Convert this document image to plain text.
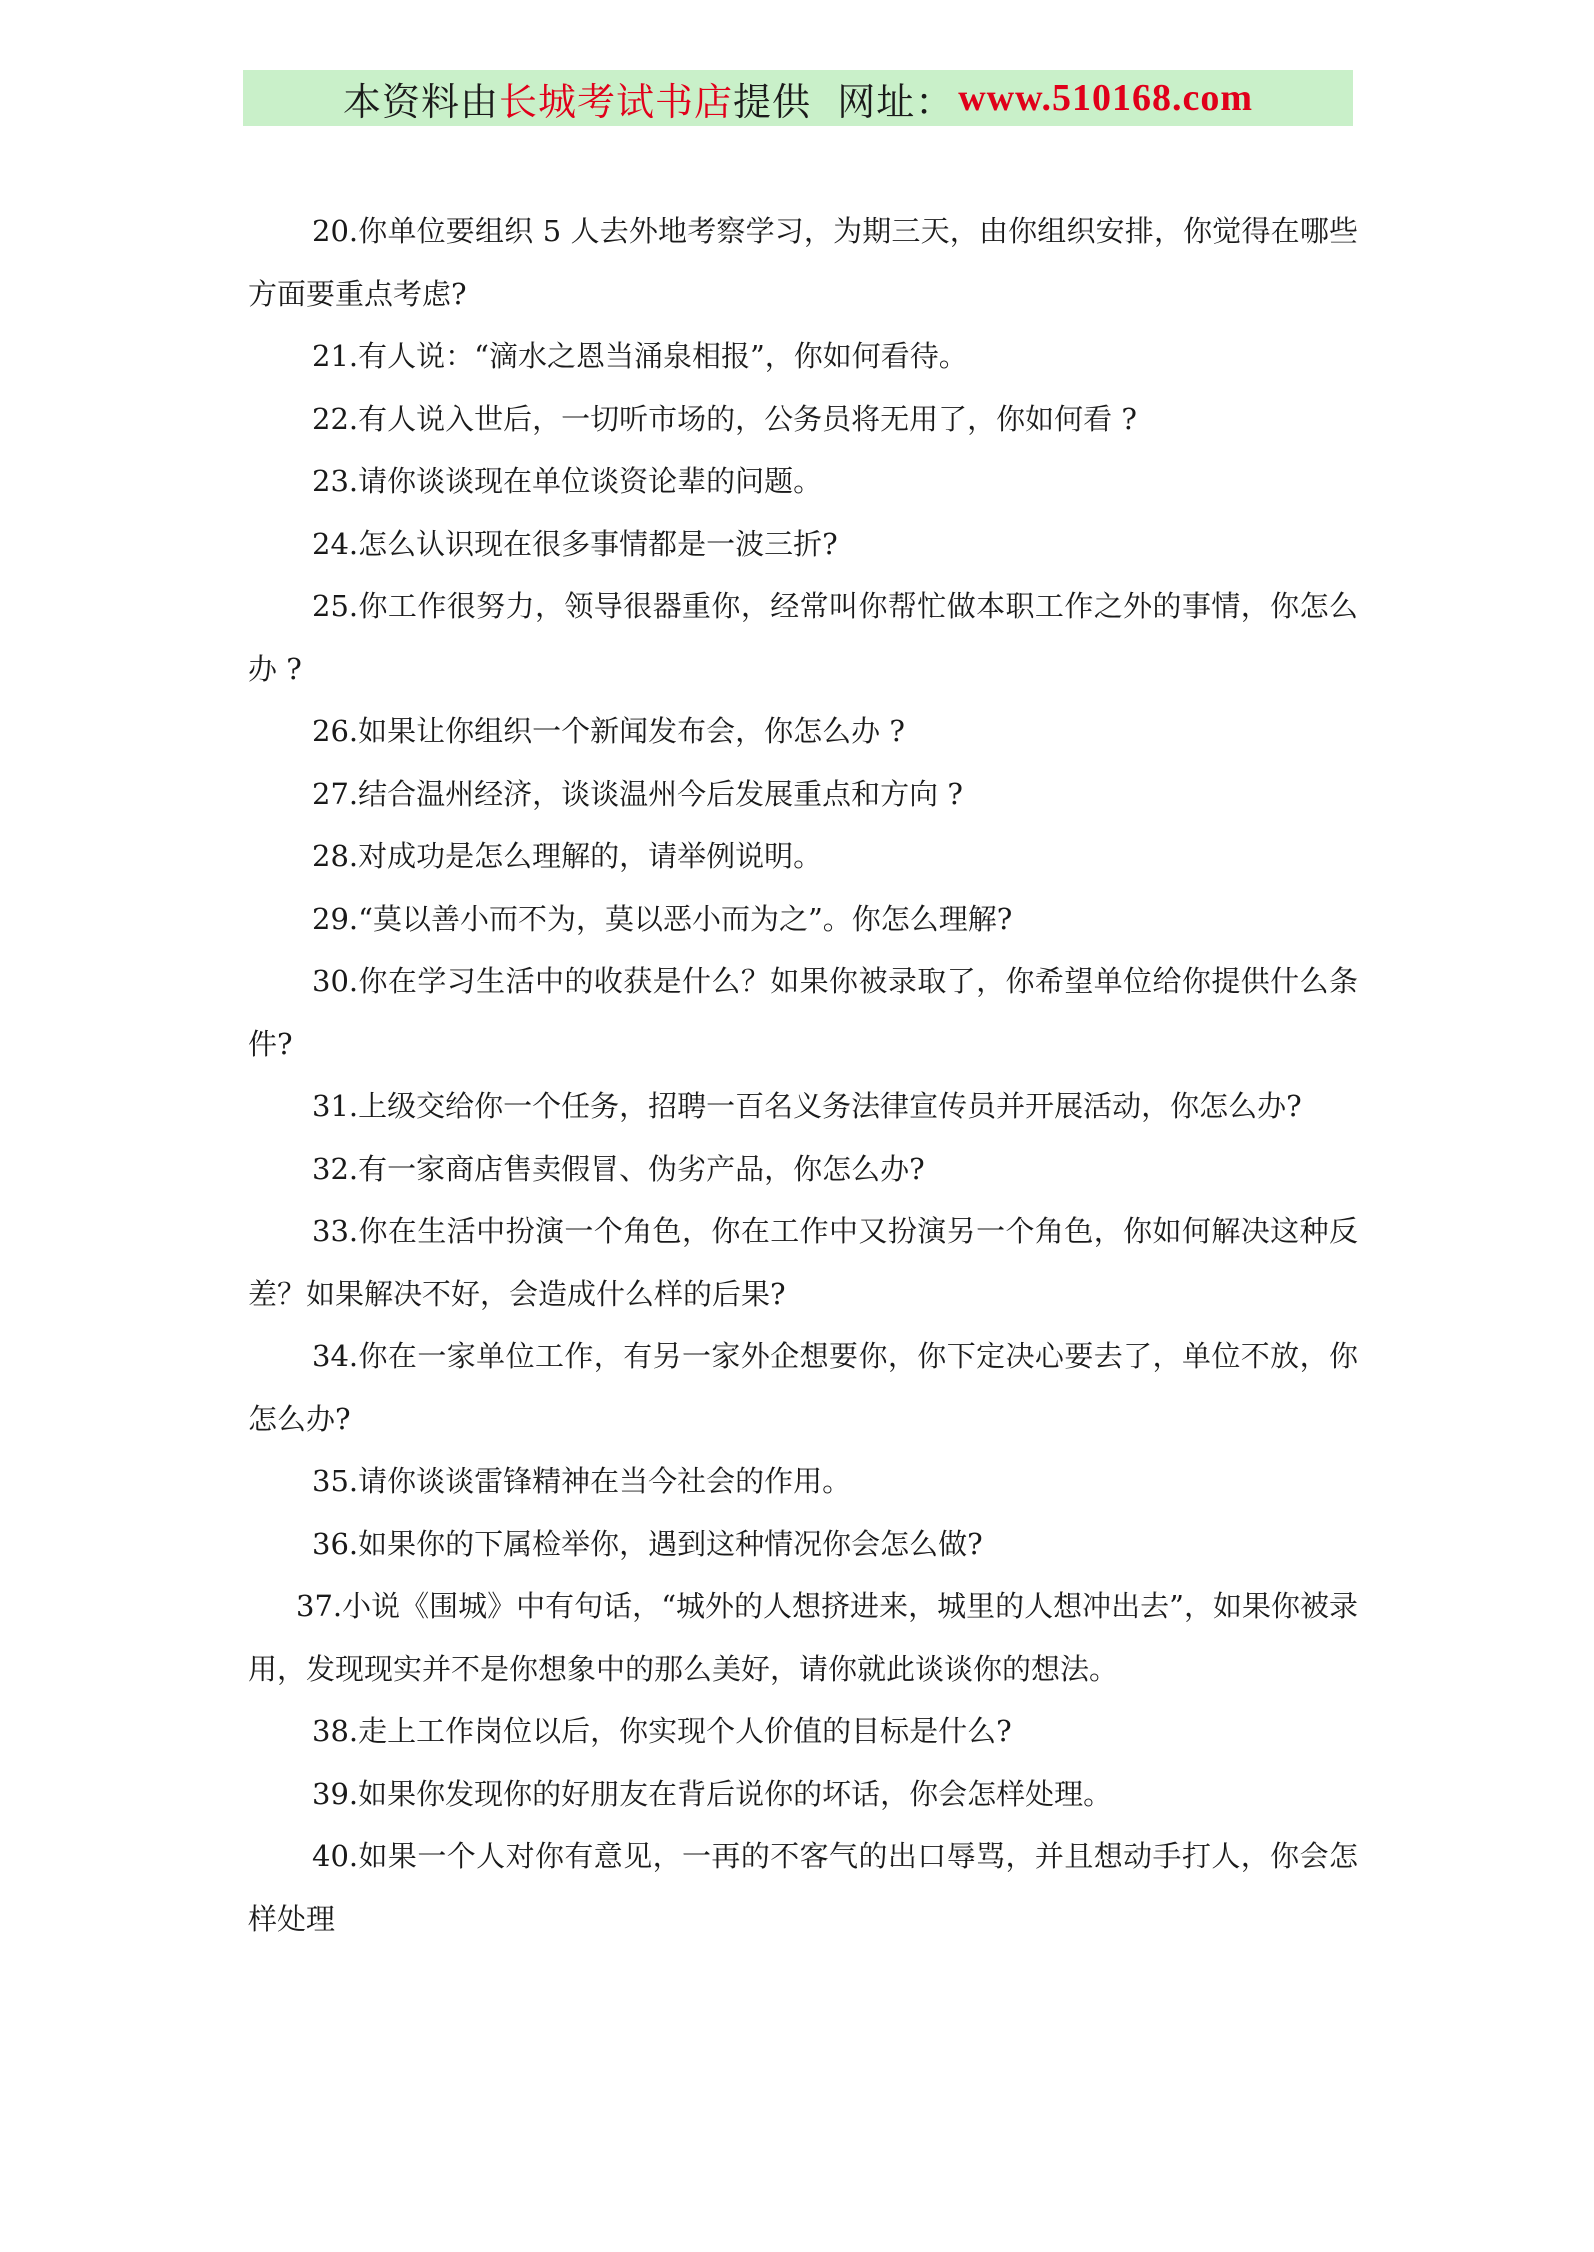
本资料由 长城考试书店 提供
网址： www.510168.com

20.你单位要组织 5 人去外地考察学习，为期三天，由你组织安排，你觉得在哪些方面要重点考虑?

21.有人说：“滴水之恩当涌泉相报”，你如何看待。

22.有人说入世后，一切听市场的，公务员将无用了，你如何看 ?

23.请你谈谈现在单位谈资论辈的问题。

24.怎么认识现在很多事情都是一波三折?

25.你工作很努力，领导很器重你，经常叫你帮忙做本职工作之外的事情，你怎么办 ?

26.如果让你组织一个新闻发布会，你怎么办 ?

27.结合温州经济，谈谈温州今后发展重点和方向 ?

28.对成功是怎么理解的，请举例说明。

29.“莫以善小而不为，莫以恶小而为之”。你怎么理解?

30.你在学习生活中的收获是什么？如果你被录取了，你希望单位给你提供什么条件?

31.上级交给你一个任务，招聘一百名义务法律宣传员并开展活动，你怎么办?

32.有一家商店售卖假冒、伪劣产品，你怎么办?

33.你在生活中扮演一个角色，你在工作中又扮演另一个角色，你如何解决这种反差？如果解决不好，会造成什么样的后果?

34.你在一家单位工作，有另一家外企想要你，你下定决心要去了，单位不放，你怎么办?

35.请你谈谈雷锋精神在当今社会的作用。

36.如果你的下属检举你，遇到这种情况你会怎么做?

37.小说《围城》中有句话，“城外的人想挤进来，城里的人想冲出去”，如果你被录用，发现现实并不是你想象中的那么美好，请你就此谈谈你的想法。

38.走上工作岗位以后，你实现个人价值的目标是什么?

39.如果你发现你的好朋友在背后说你的坏话，你会怎样处理。

40.如果一个人对你有意见，一再的不客气的出口辱骂，并且想动手打人，你会怎样处理
